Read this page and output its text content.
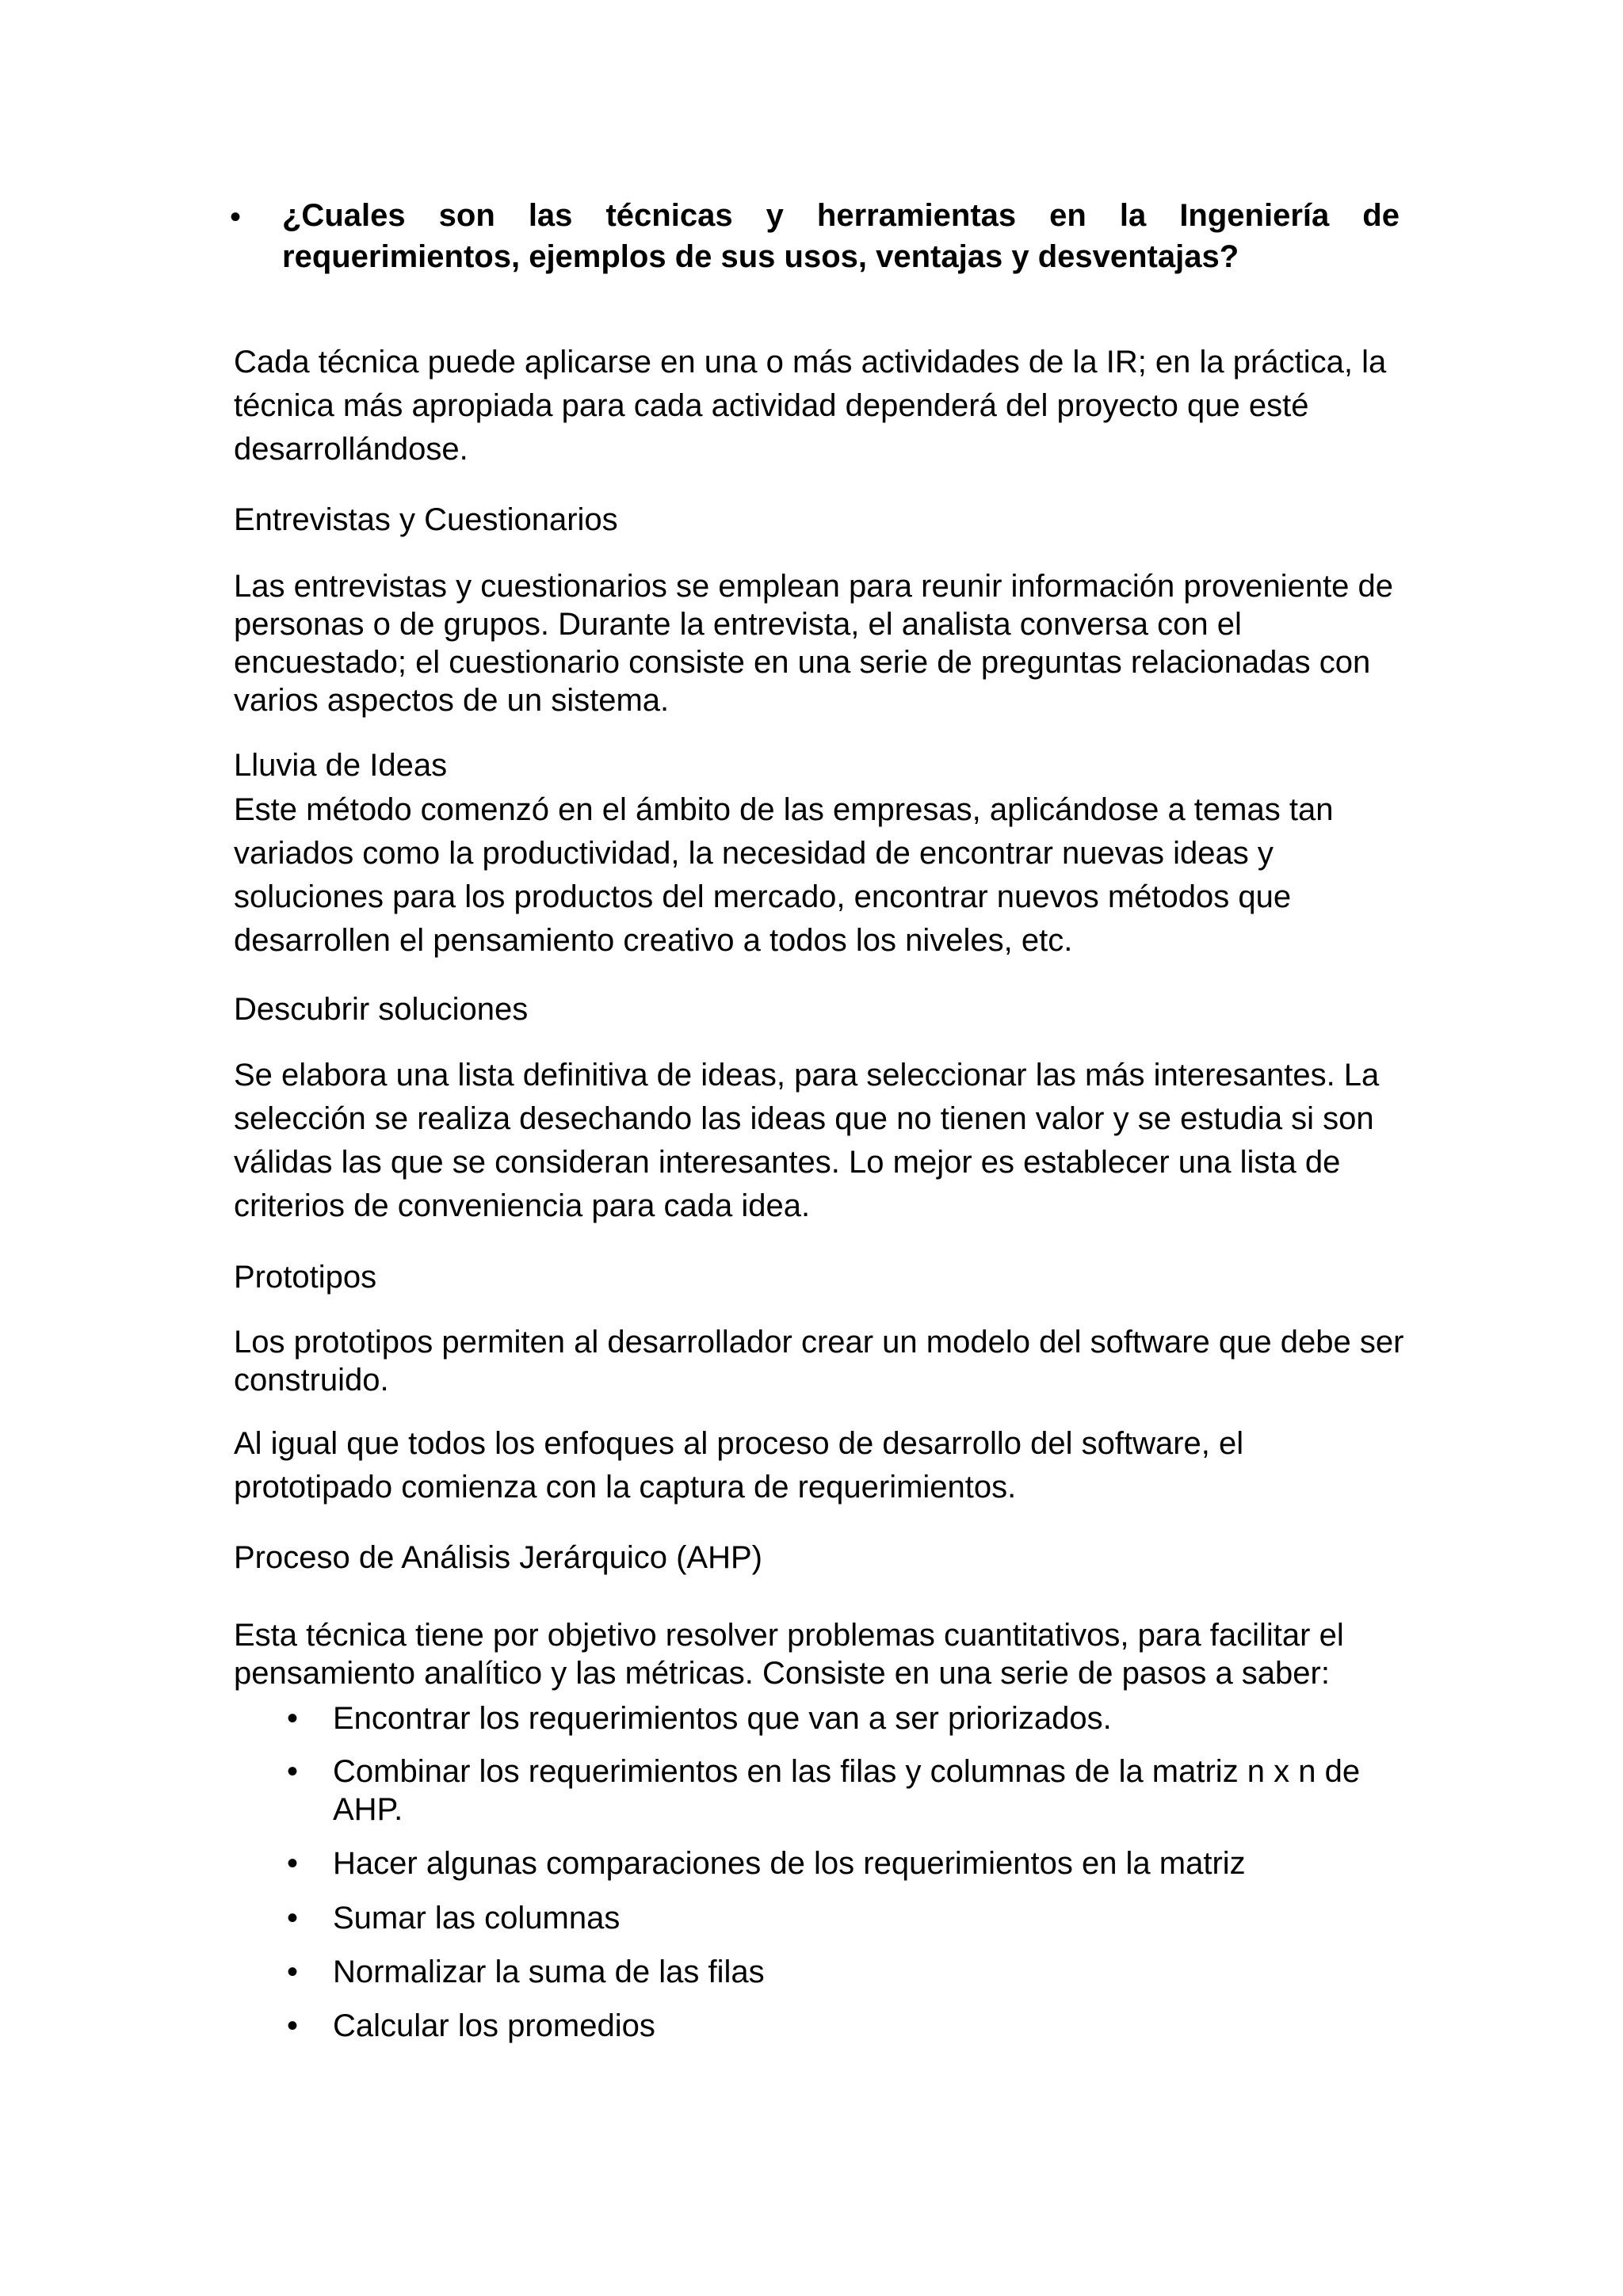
• ¿Cuales son las técnicas y herramientas en la Ingeniería de requerimientos, ejemplos de sus usos, ventajas y desventajas?

Cada técnica puede aplicarse en una o más actividades de la IR; en la práctica, la técnica más apropiada para cada actividad dependerá del proyecto que esté desarrollándose.

Entrevistas y Cuestionarios

Las entrevistas y cuestionarios se emplean para reunir información proveniente de personas o de grupos. Durante la entrevista, el analista conversa con el encuestado; el cuestionario consiste en una serie de preguntas relacionadas con varios aspectos de un sistema.

Lluvia de Ideas

Este método comenzó en el ámbito de las empresas, aplicándose a temas tan variados como la productividad, la necesidad de encontrar nuevas ideas y soluciones para los productos del mercado, encontrar nuevos métodos que desarrollen el pensamiento creativo a todos los niveles, etc.

Descubrir soluciones

Se elabora una lista definitiva de ideas, para seleccionar las más interesantes. La selección se realiza desechando las ideas que no tienen valor y se estudia si son válidas las que se consideran interesantes. Lo mejor es establecer una lista de criterios de conveniencia para cada idea.

Prototipos

Los prototipos permiten al desarrollador crear un modelo del software que debe ser construido.

Al igual que todos los enfoques al proceso de desarrollo del software, el prototipado comienza con la captura de requerimientos.

Proceso de Análisis Jerárquico (AHP)

Esta técnica tiene por objetivo resolver problemas cuantitativos, para facilitar el pensamiento analítico y las métricas. Consiste en una serie de pasos a saber:

• Encontrar los requerimientos que van a ser priorizados.
• Combinar los requerimientos en las filas y columnas de la matriz n x n de AHP.
• Hacer algunas comparaciones de los requerimientos en la matriz
• Sumar las columnas
• Normalizar la suma de las filas
• Calcular los promedios
